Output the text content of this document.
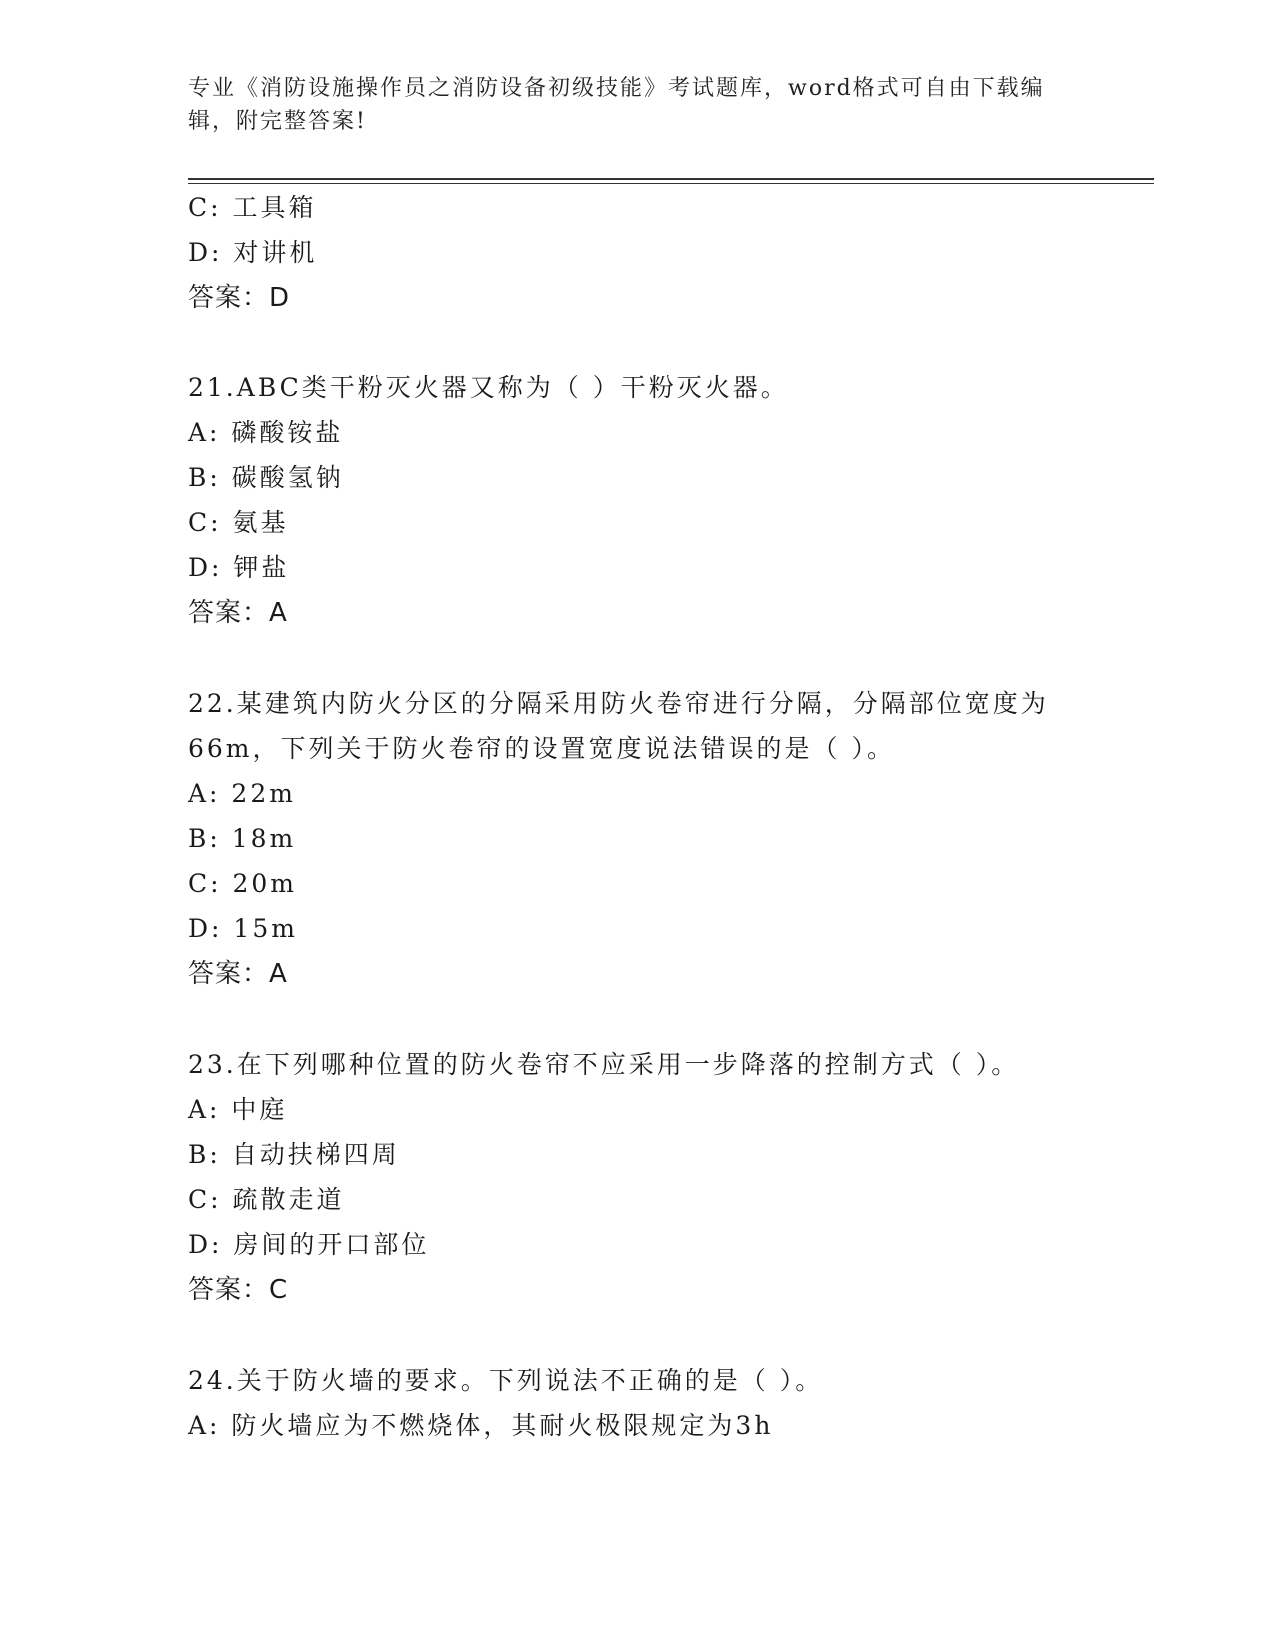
专业《消防设施操作员之消防设备初级技能》考试题库，word格式可自由下载编
辑，附完整答案!
C: 工具箱
D: 对讲机
答案：D
21.ABC类干粉灭火器又称为（ ）干粉灭火器。
A: 磷酸铵盐
B: 碳酸氢钠
C: 氨基
D: 钾盐
答案：A
22.某建筑内防火分区的分隔采用防火卷帘进行分隔，分隔部位宽度为
66m，下列关于防火卷帘的设置宽度说法错误的是（ ）。
A: 22m
B: 18m
C: 20m
D: 15m
答案：A
23.在下列哪种位置的防火卷帘不应采用一步降落的控制方式（ ）。
A: 中庭
B: 自动扶梯四周
C: 疏散走道
D: 房间的开口部位
答案：C
24.关于防火墙的要求。下列说法不正确的是（ ）。
A: 防火墙应为不燃烧体，其耐火极限规定为3h
